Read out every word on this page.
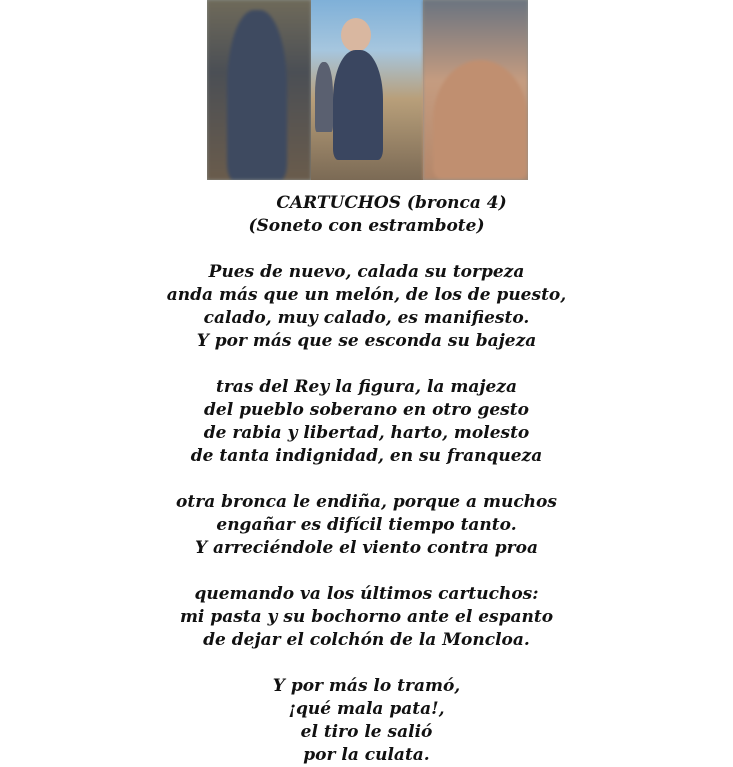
CARTUCHOS (bronca 4)
(Soneto con estrambote)
Pues de nuevo, calada su torpeza
anda más que un melón, de los de puesto,
calado, muy calado, es manifiesto.
Y por más que se esconda su bajeza
tras del Rey la figura, la majeza
del pueblo soberano en otro gesto
de rabia y libertad, harto, molesto
de tanta indignidad, en su franqueza
otra bronca le endiña, porque a muchos
engañar es difícil tiempo tanto.
Y arreciéndole el viento contra proa
quemando va los últimos cartuchos:
mi pasta y su bochorno ante el espanto
de dejar el colchón de la Moncloa.
Y por más lo tramó,
¡qué mala pata!,
el tiro le salió
por la culata.
